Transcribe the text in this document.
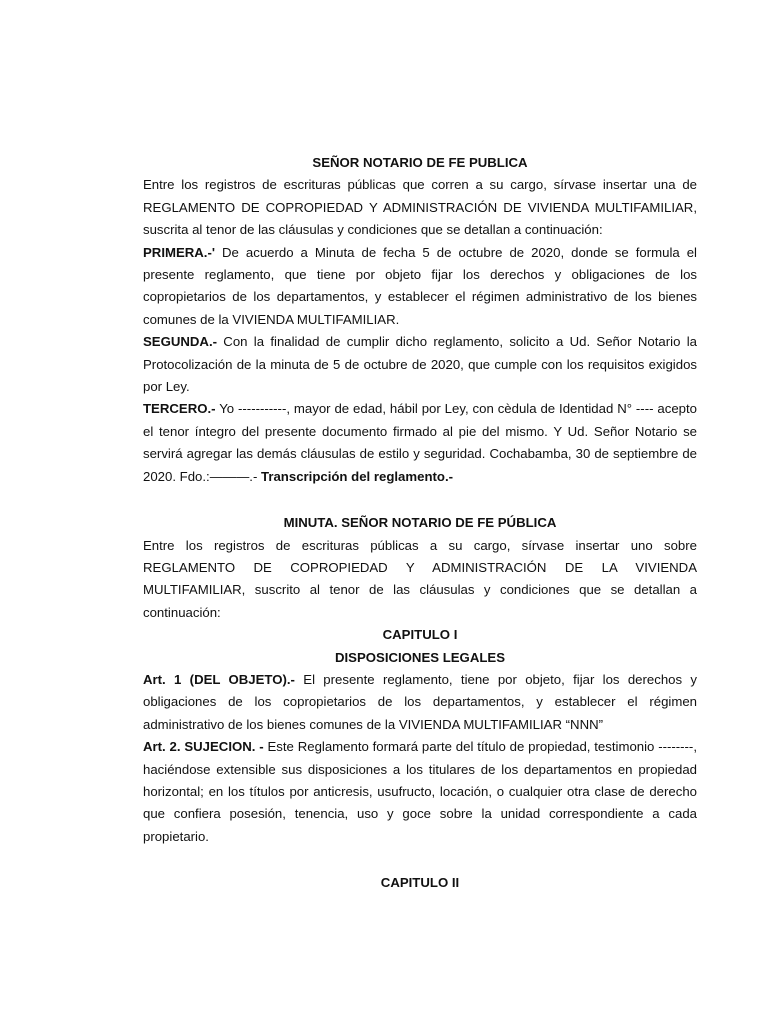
SEÑOR NOTARIO DE FE PUBLICA

Entre los registros de escrituras públicas que corren a su cargo, sírvase insertar una de REGLAMENTO DE COPROPIEDAD Y ADMINISTRACIÓN DE VIVIENDA MULTIFAMILIAR, suscrita al tenor de las cláusulas y condiciones que se detallan a continuación:

PRIMERA.-' De acuerdo a Minuta de fecha 5 de octubre de 2020, donde se formula el presente reglamento, que tiene por objeto fijar los derechos y obligaciones de los copropietarios de los departamentos, y establecer el régimen administrativo de los bienes comunes de la VIVIENDA MULTIFAMILIAR.

SEGUNDA.- Con la finalidad de cumplir dicho reglamento, solicito a Ud. Señor Notario la Protocolización de la minuta de 5 de octubre de 2020, que cumple con los requisitos exigidos por Ley.

TERCERO.- Yo -----------, mayor de edad, hábil por Ley, con cèdula de Identidad N° ---- acepto el tenor íntegro del presente documento firmado al pie del mismo. Y Ud. Señor Notario se servirá agregar las demás cláusulas de estilo y seguridad. Cochabamba, 30 de septiembre de 2020. Fdo.:———.- Transcripción del reglamento.-

MINUTA. SEÑOR NOTARIO DE FE PÚBLICA

Entre los registros de escrituras públicas a su cargo, sírvase insertar uno sobre REGLAMENTO DE COPROPIEDAD Y ADMINISTRACIÓN DE LA VIVIENDA MULTIFAMILIAR, suscrito al tenor de las cláusulas y condiciones que se detallan a continuación:

CAPITULO I
DISPOSICIONES LEGALES

Art. 1 (DEL OBJETO).- El presente reglamento, tiene por objeto, fijar los derechos y obligaciones de los copropietarios de los departamentos, y establecer el régimen administrativo de los bienes comunes de la VIVIENDA MULTIFAMILIAR “NNN”

Art. 2. SUJECION. - Este Reglamento formará parte del título de propiedad, testimonio --------, haciéndose extensible sus disposiciones a los titulares de los departamentos en propiedad horizontal; en los títulos por anticresis, usufructo, locación, o cualquier otra clase de derecho que confiera posesión, tenencia, uso y goce sobre la unidad correspondiente a cada propietario.

CAPITULO II
